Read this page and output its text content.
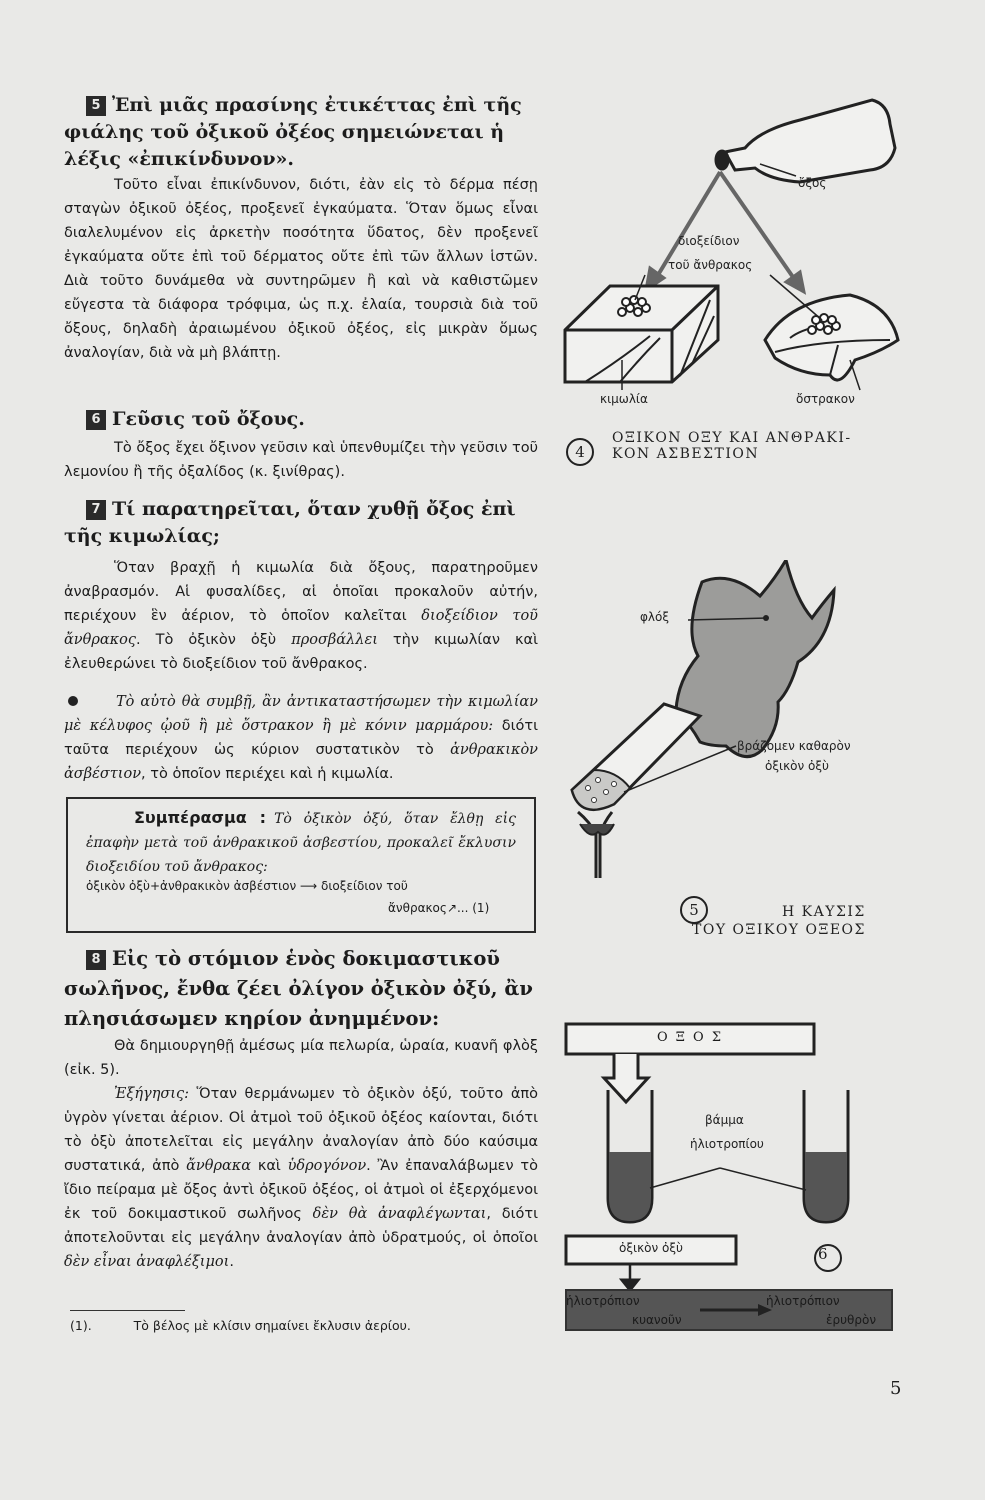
5 Ἐπὶ μιᾶς πρασίνης ἐτικέττας ἐπὶ τῆς φιάλης τοῦ ὀξικοῦ ὀξέος σημειώνεται ἡ λέξις «ἐπικίνδυνον».

Τοῦτο εἶναι ἐπικίνδυνον, διότι, ἐὰν εἰς τὸ δέρμα πέσῃ σταγὼν ὀξικοῦ ὀξέος, προξενεῖ ἐγκαύματα. Ὅταν ὅμως εἶναι διαλελυμένον εἰς ἀρκετὴν ποσότητα ὕδατος, δὲν προξενεῖ ἐγκαύματα οὔτε ἐπὶ τοῦ δέρματος οὔτε ἐπὶ τῶν ἄλλων ἱστῶν. Διὰ τοῦτο δυνάμεθα νὰ συντηρῶμεν ἢ καὶ νὰ καθιστῶμεν εὔγεστα τὰ διάφορα τρόφιμα, ὡς π.χ. ἐλαία, τουρσιὰ διὰ τοῦ ὄξους, δηλαδὴ ἀραιωμένου ὀξικοῦ ὀξέος, εἰς μικρὰν ὅμως ἀναλογίαν, διὰ νὰ μὴ βλάπτῃ.

6 Γεῦσις τοῦ ὄξους.

Τὸ ὄξος ἔχει ὄξινον γεῦσιν καὶ ὑπενθυμίζει τὴν γεῦσιν τοῦ λεμονίου ἢ τῆς ὀξαλίδος (κ. ξινίθρας).

7 Τί παρατηρεῖται, ὅταν χυθῇ ὄξος ἐπὶ τῆς κιμωλίας;

Ὅταν βραχῇ ἡ κιμωλία διὰ ὄξους, παρατηροῦμεν ἀναβρασμόν. Αἱ φυσαλίδες, αἱ ὁποῖαι προκαλοῦν αὐτήν, περιέχουν ἓν ἀέριον, τὸ ὁποῖον καλεῖται διοξείδιον τοῦ ἄνθρακος. Τὸ ὀξικὸν ὀξὺ προσβάλλει τὴν κιμωλίαν καὶ ἐλευθερώνει τὸ διοξείδιον τοῦ ἄνθρακος.

Τὸ αὐτὸ θὰ συμβῇ, ἂν ἀντικαταστήσωμεν τὴν κιμωλίαν μὲ κέλυφος ᾠοῦ ἢ μὲ ὄστρακον ἢ μὲ κόνιν μαρμάρου: διότι ταῦτα περιέχουν ὡς κύριον συστατικὸν τὸ ἀνθρακικὸν ἀσβέστιον, τὸ ὁποῖον περιέχει καὶ ἡ κιμωλία.

Συμπέρασμα : Τὸ ὀξικὸν ὀξύ, ὅταν ἔλθῃ εἰς ἐπαφὴν μετὰ τοῦ ἀνθρακικοῦ ἀσβεστίου, προκαλεῖ ἔκλυσιν διοξειδίου τοῦ ἄνθρακος:
ὀξικὸν ὀξὺ+ἀνθρακικὸν ἀσβέστιον ⟶ διοξείδιον τοῦ
ἄνθρακος↗... (1)
8 Εἰς τὸ στόμιον ἑνὸς δοκιμαστικοῦ σωλῆνος, ἔνθα ζέει ὀλίγον ὀξικὸν ὀξύ, ἂν πλησιάσωμεν κηρίον ἀνημμένον:

Θὰ δημιουργηθῇ ἀμέσως μία πελωρία, ὡραία, κυανῆ φλὸξ (εἰκ. 5).

Ἐξήγησις: Ὅταν θερμάνωμεν τὸ ὀξικὸν ὀξύ, τοῦτο ἀπὸ ὑγρὸν γίνεται ἀέριον. Οἱ ἀτμοὶ τοῦ ὀξικοῦ ὀξέος καίονται, διότι τὸ ὀξὺ ἀποτελεῖται εἰς μεγάλην ἀναλογίαν ἀπὸ δύο καύσιμα συστατικά, ἀπὸ ἄνθρακα καὶ ὑδρογόνον. Ἂν ἐπαναλάβωμεν τὸ ἴδιο πείραμα μὲ ὄξος ἀντὶ ὀξικοῦ ὀξέος, οἱ ἀτμοὶ οἱ ἐξερχόμενοι ἐκ τοῦ δοκιμαστικοῦ σωλῆνος δὲν θὰ ἀναφλέγωνται, διότι ἀποτελοῦνται εἰς μεγάλην ἀναλογίαν ἀπὸ ὑδρατμούς, οἱ ὁποῖοι δὲν εἶναι ἀναφλέξιμοι.

(1).	Τὸ βέλος μὲ κλίσιν σημαίνει ἔκλυσιν ἀερίου.
5
ὄξος
διοξείδιον
τοῦ ἄνθρακος
κιμωλία	ὄστρακον
4
ΟΞΙΚΟΝ ΟΞΥ ΚΑΙ ΑΝΘΡΑΚΙ-
ΚΟΝ ΑΣΒΕΣΤΙΟΝ
φλόξ
βράζομεν καθαρὸν
ὀξικὸν ὀξὺ
5	Η ΚΑΥΣΙΣ
ΤΟΥ ΟΞΙΚΟΥ ΟΞΕΟΣ
Ο Ξ Ο Σ
βάμμα
ἡλιοτροπίου
ὀξικὸν ὀξὺ	6
ἡλιοτρόπιον
κυανοῦν
ἡλιοτρόπιον
ἐρυθρὸν
